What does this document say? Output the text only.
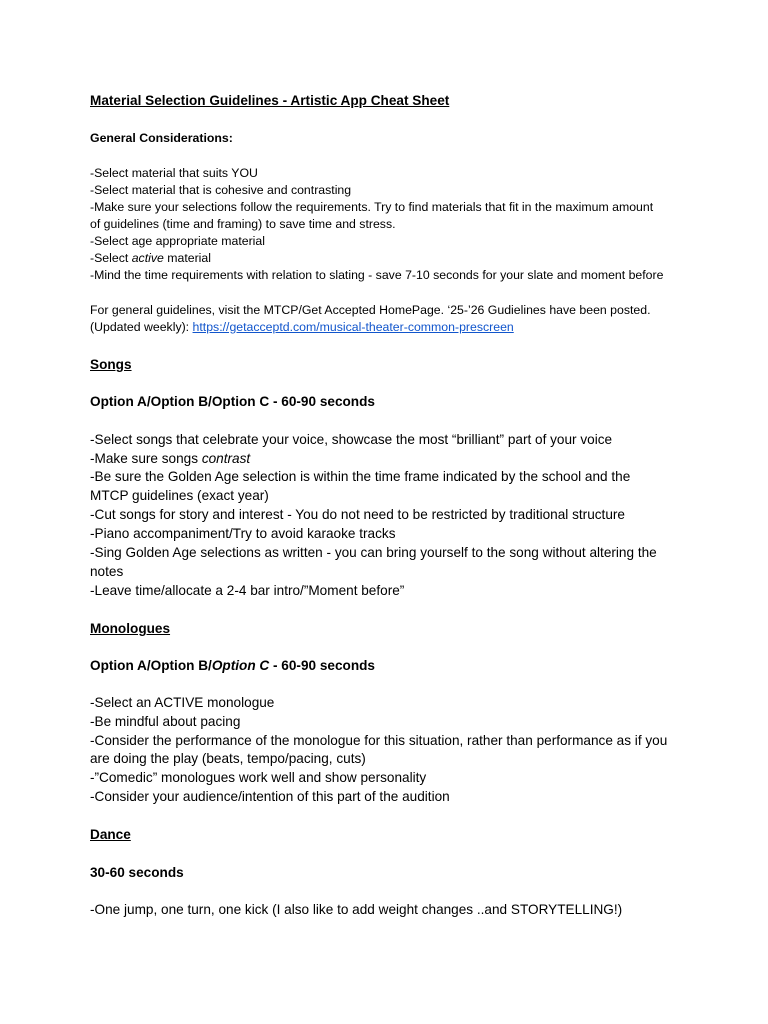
Material Selection Guidelines - Artistic App Cheat Sheet
General Considerations:
-Select material that suits YOU
-Select material that is cohesive and contrasting
-Make sure your selections follow the requirements. Try to find materials that fit in the maximum amount
of guidelines (time and framing) to save time and stress.
-Select age appropriate material
-Select active material
-Mind the time requirements with relation to slating - save 7-10 seconds for your slate and moment before
For general guidelines, visit the MTCP/Get Accepted HomePage. ‘25-’26 Gudielines have been posted.
(Updated weekly): https://getacceptd.com/musical-theater-common-prescreen
Songs
Option A/Option B/Option C - 60-90 seconds
-Select songs that celebrate your voice, showcase the most “brilliant” part of your voice
-Make sure songs contrast
-Be sure the Golden Age selection is within the time frame indicated by the school and the
MTCP guidelines (exact year)
-Cut songs for story and interest - You do not need to be restricted by traditional structure
-Piano accompaniment/Try to avoid karaoke tracks
-Sing Golden Age selections as written - you can bring yourself to the song without altering the
notes
-Leave time/allocate a 2-4 bar intro/”Moment before”
Monologues
Option A/Option B/Option C - 60-90 seconds
-Select an ACTIVE monologue
-Be mindful about pacing
-Consider the performance of the monologue for this situation, rather than performance as if you
are doing the play (beats, tempo/pacing, cuts)
-”Comedic” monologues work well and show personality
-Consider your audience/intention of this part of the audition
Dance
30-60 seconds
-One jump, one turn, one kick (I also like to add weight changes ..and STORYTELLING!)
